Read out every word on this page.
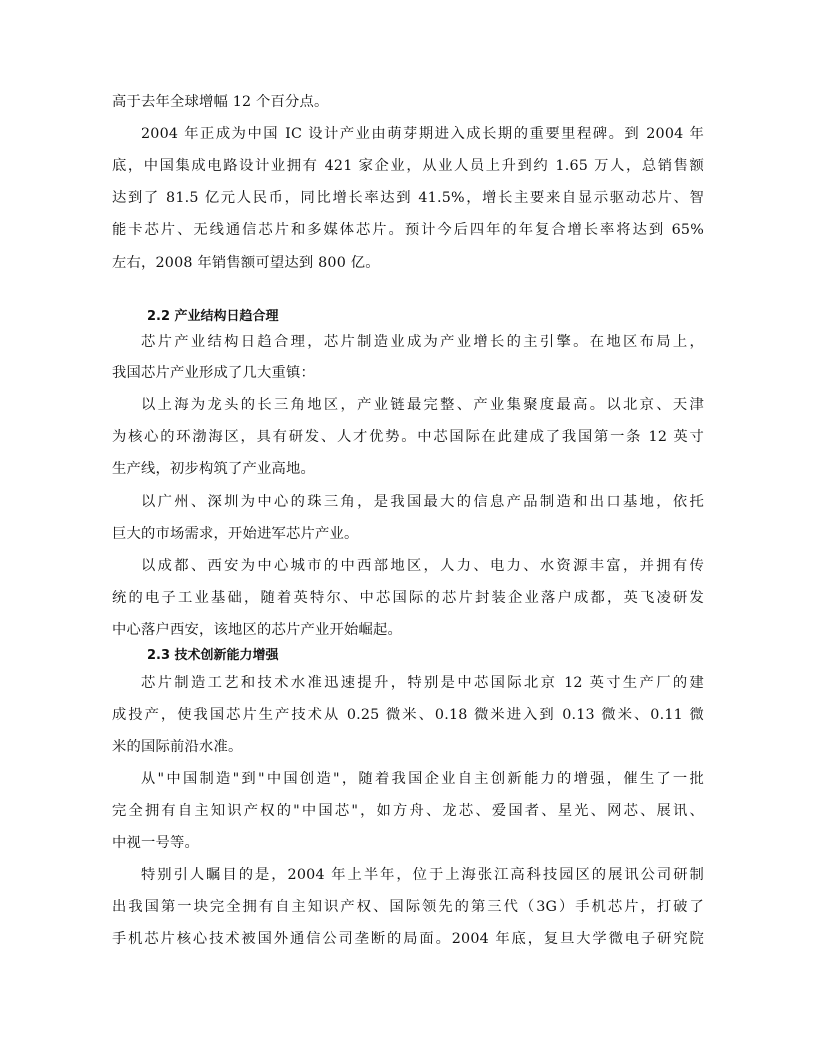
高于去年全球增幅 12 个百分点。
2004 年正成为中国 IC 设计产业由萌芽期进入成长期的重要里程碑。到 2004 年
底，中国集成电路设计业拥有 421 家企业，从业人员上升到约 1.65 万人，总销售额
达到了 81.5 亿元人民币，同比增长率达到 41.5%，增长主要来自显示驱动芯片、智
能卡芯片、无线通信芯片和多媒体芯片。预计今后四年的年复合增长率将达到 65%
左右，2008 年销售额可望达到 800 亿。
2.2 产业结构日趋合理
芯片产业结构日趋合理，芯片制造业成为产业增长的主引擎。在地区布局上，
我国芯片产业形成了几大重镇：
以上海为龙头的长三角地区，产业链最完整、产业集聚度最高。以北京、天津
为核心的环渤海区，具有研发、人才优势。中芯国际在此建成了我国第一条 12 英寸
生产线，初步构筑了产业高地。
以广州、深圳为中心的珠三角，是我国最大的信息产品制造和出口基地，依托
巨大的市场需求，开始进军芯片产业。
以成都、西安为中心城市的中西部地区，人力、电力、水资源丰富，并拥有传
统的电子工业基础，随着英特尔、中芯国际的芯片封装企业落户成都，英飞凌研发
中心落户西安，该地区的芯片产业开始崛起。
2.3 技术创新能力增强
芯片制造工艺和技术水准迅速提升，特别是中芯国际北京 12 英寸生产厂的建
成投产，使我国芯片生产技术从 0.25 微米、0.18 微米进入到 0.13 微米、0.11 微
米的国际前沿水准。
从"中国制造"到"中国创造"，随着我国企业自主创新能力的增强，催生了一批
完全拥有自主知识产权的"中国芯"，如方舟、龙芯、爱国者、星光、网芯、展讯、
中视一号等。
特别引人瞩目的是，2004 年上半年，位于上海张江高科技园区的展讯公司研制
出我国第一块完全拥有自主知识产权、国际领先的第三代（3G）手机芯片，打破了
手机芯片核心技术被国外通信公司垄断的局面。2004 年底，复旦大学微电子研究院
